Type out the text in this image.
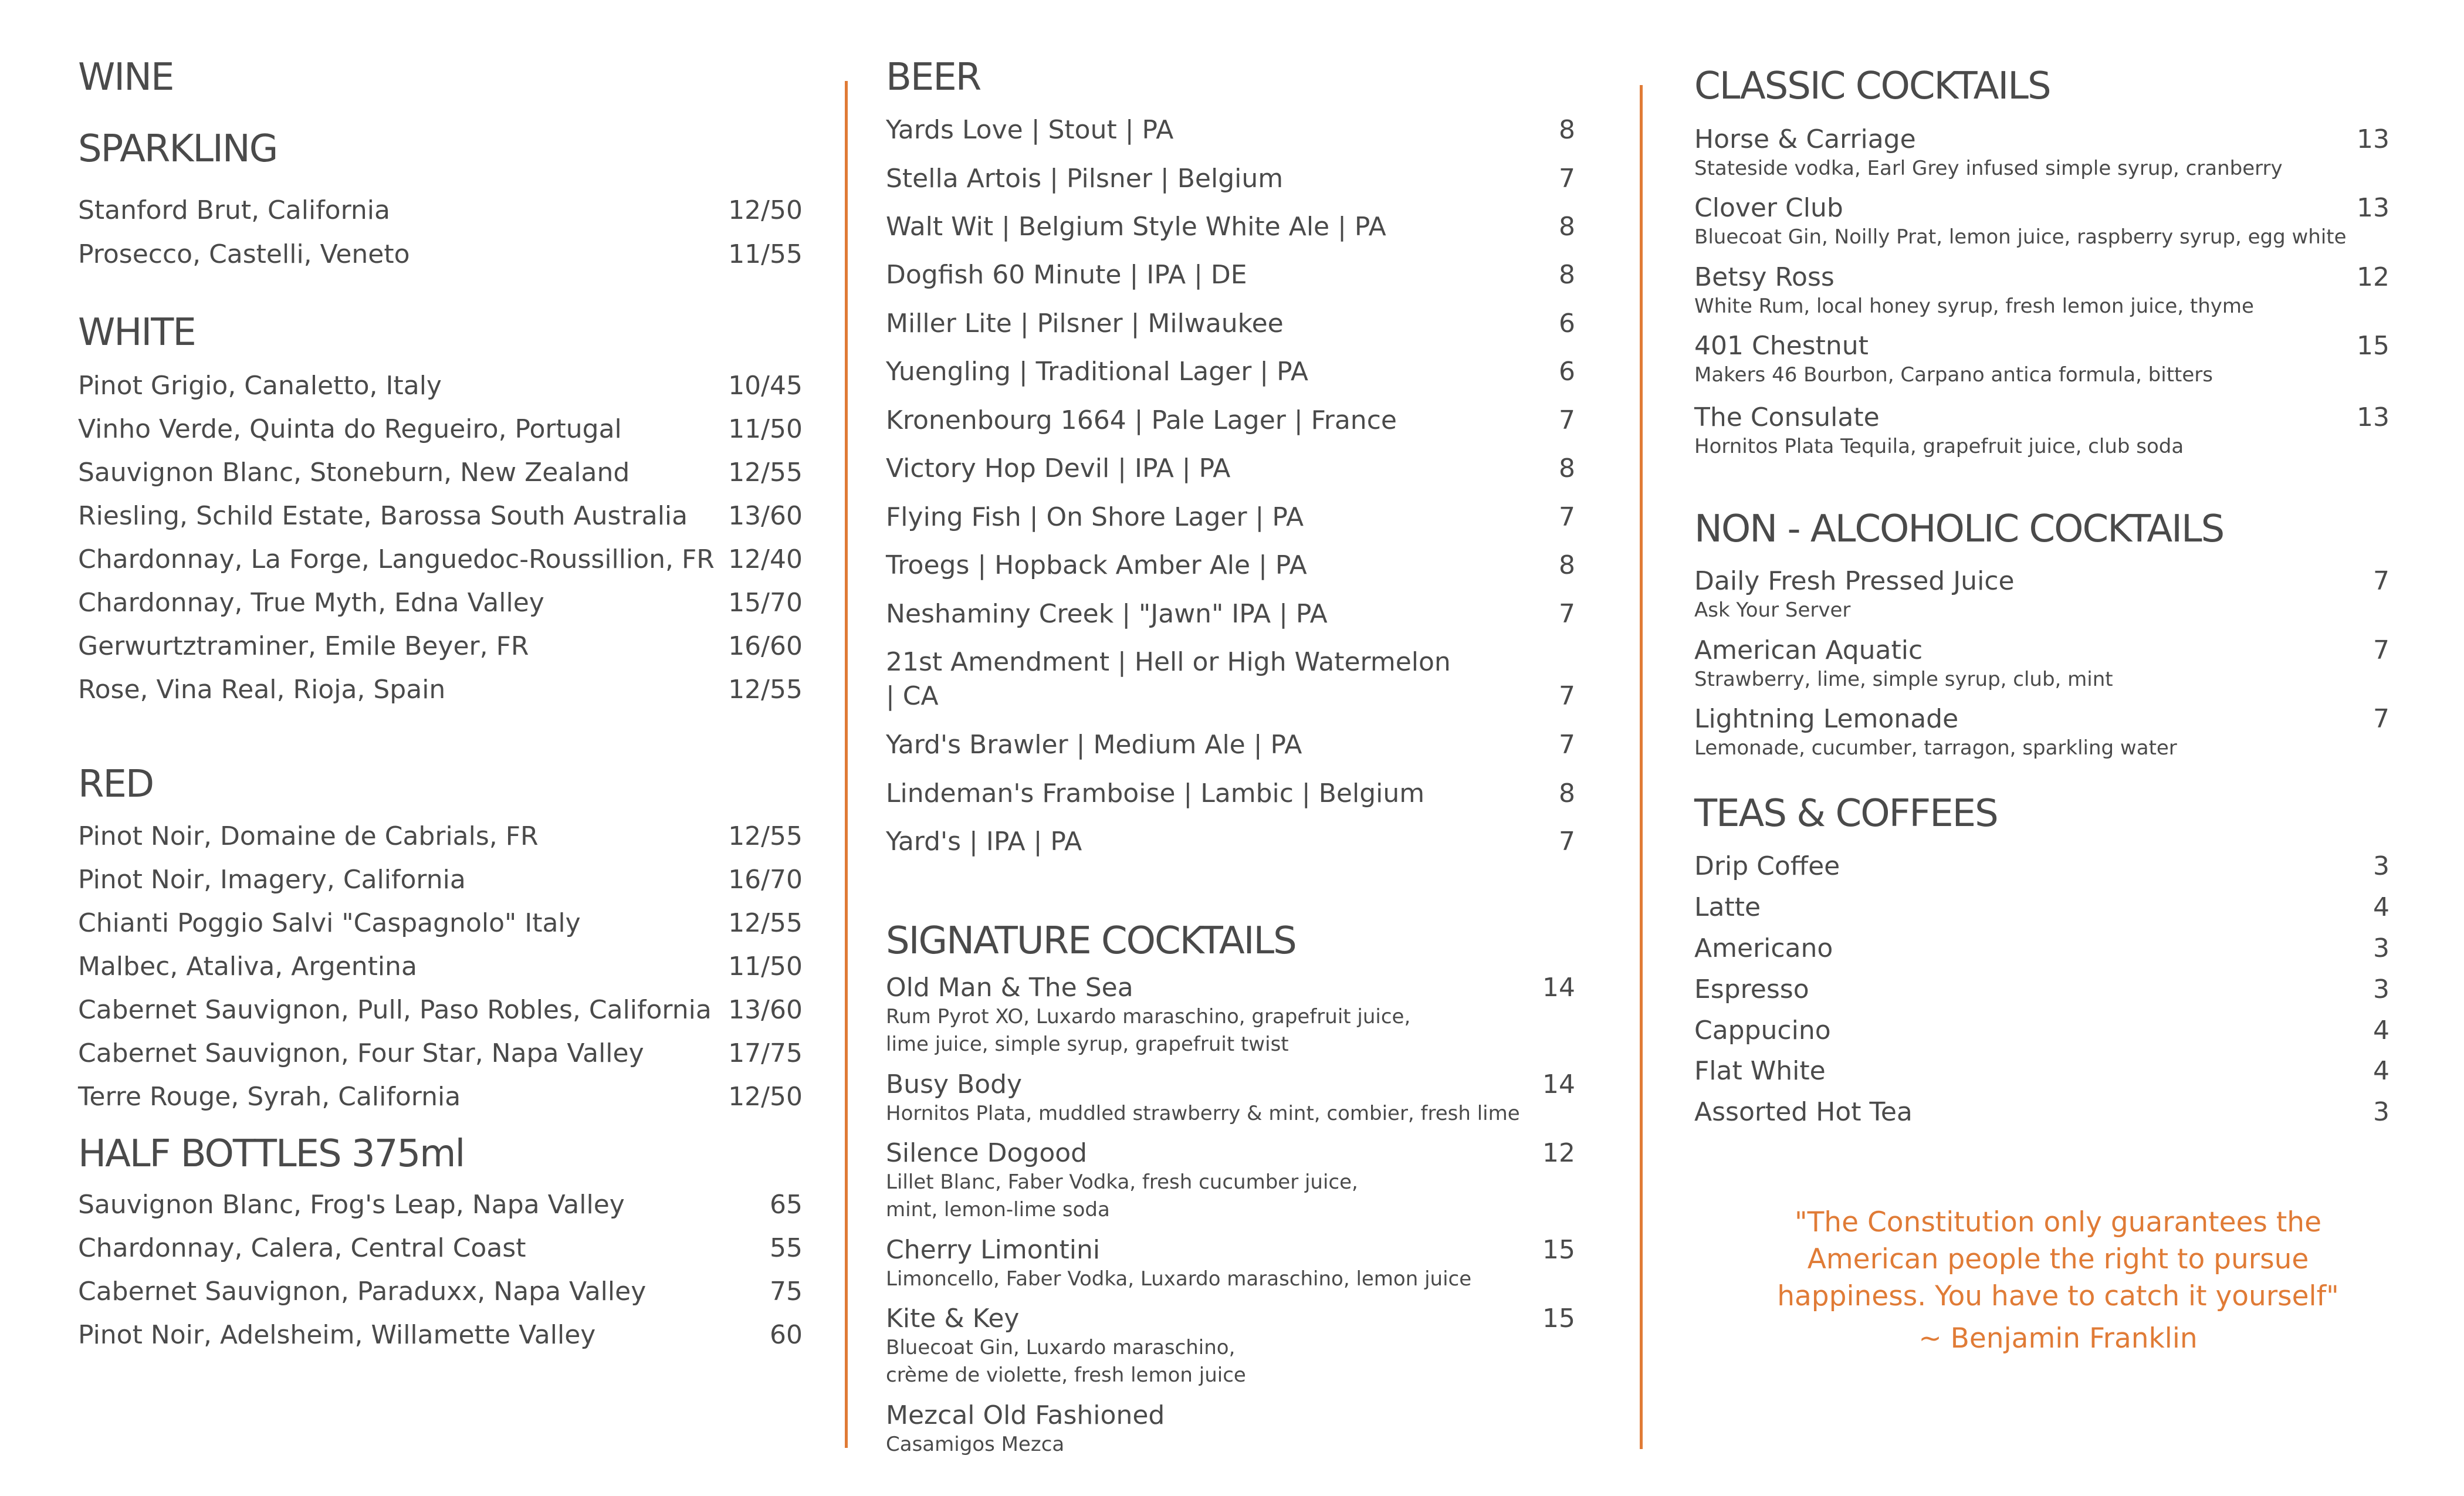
WINE
SPARKLING
Stanford Brut, California	12/50
Prosecco, Castelli, Veneto	11/55
WHITE
Pinot Grigio, Canaletto, Italy	10/45
Vinho Verde, Quinta do Regueiro, Portugal	11/50
Sauvignon Blanc, Stoneburn, New Zealand	12/55
Riesling, Schild Estate, Barossa South Australia 13/60
Chardonnay, La Forge, Languedoc-Roussillion, FR 12/40
Chardonnay, True Myth, Edna Valley	15/70
Gerwurtztraminer, Emile Beyer, FR	16/60
Rose, Vina Real, Rioja, Spain	12/55
RED
Pinot Noir, Domaine de Cabrials, FR	12/55
Pinot Noir, Imagery, California	16/70
Chianti Poggio Salvi "Caspagnolo" Italy	12/55
Malbec, Ataliva, Argentina	11/50
Cabernet Sauvignon, Pull, Paso Robles, California 13/60
Cabernet Sauvignon, Four Star, Napa Valley	17/75
Terre Rouge, Syrah, California	12/50
HALF BOTTLES 375ml
Sauvignon Blanc, Frog's Leap, Napa Valley	65
Chardonnay, Calera, Central Coast	55
Cabernet Sauvignon, Paraduxx, Napa Valley	75
Pinot Noir, Adelsheim, Willamette Valley	60
BEER
Yards Love | Stout | PA	8
Stella Artois | Pilsner | Belgium	7
Walt Wit | Belgium Style White Ale | PA	8
Dogfish 60 Minute | IPA | DE	8
Miller Lite | Pilsner | Milwaukee	6
Yuengling | Traditional Lager | PA	6
Kronenbourg 1664 | Pale Lager | France	7
Victory Hop Devil | IPA | PA	8
Flying Fish | On Shore Lager | PA	7
Troegs | Hopback Amber Ale | PA	8
Neshaminy Creek | "Jawn" IPA | PA	7
21st Amendment | Hell or High Watermelon
| CA	7
Yard's Brawler | Medium Ale | PA	7
Lindeman's Framboise | Lambic | Belgium	8
Yard's | IPA | PA	7
SIGNATURE COCKTAILS
Old Man & The Sea	14
Rum Pyrot XO, Luxardo maraschino, grapefruit juice,
lime juice, simple syrup, grapefruit twist
Busy Body	14
Hornitos Plata, muddled strawberry & mint, combier, fresh lime
Silence Dogood	12
Lillet Blanc, Faber Vodka, fresh cucumber juice,
mint, lemon-lime soda
Cherry Limontini	15
Limoncello, Faber Vodka, Luxardo maraschino, lemon juice
Kite & Key	15
Bluecoat Gin, Luxardo maraschino,
crème de violette, fresh lemon juice
Mezcal Old Fashioned
Casamigos Mezca
CLASSIC COCKTAILS
Horse & Carriage	13
Stateside vodka, Earl Grey infused simple syrup, cranberry
Clover Club	13
Bluecoat Gin, Noilly Prat, lemon juice, raspberry syrup, egg white
Betsy Ross	12
White Rum, local honey syrup, fresh lemon juice, thyme
401 Chestnut	15
Makers 46 Bourbon, Carpano antica formula, bitters
The Consulate	13
Hornitos Plata Tequila, grapefruit juice, club soda
NON - ALCOHOLIC COCKTAILS
Daily Fresh Pressed Juice	7
Ask Your Server
American Aquatic	7
Strawberry, lime, simple syrup, club, mint
Lightning Lemonade	7
Lemonade, cucumber, tarragon, sparkling water
TEAS & COFFEES
Drip Coffee	3
Latte	4
Americano	3
Espresso	3
Cappucino	4
Flat White	4
Assorted Hot Tea	3
"The Constitution only guarantees the
American people the right to pursue
happiness. You have to catch it yourself"
~ Benjamin Franklin
